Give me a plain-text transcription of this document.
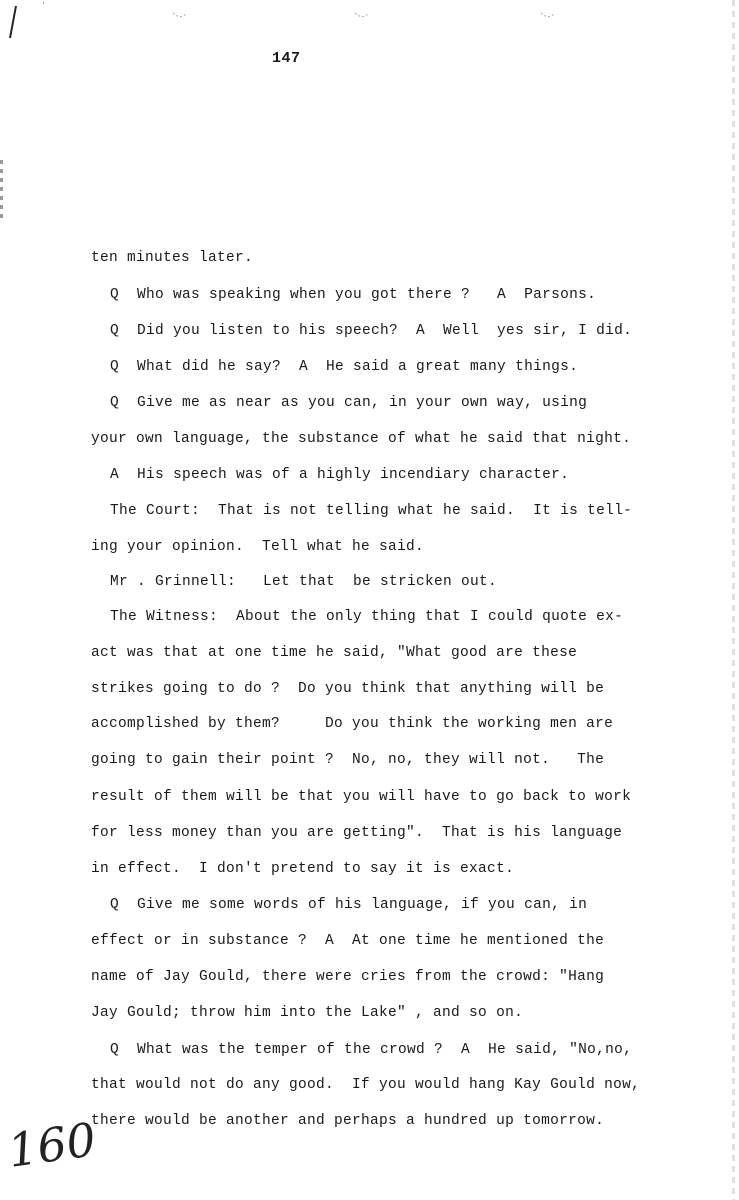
147
ten minutes later.
Q  Who was speaking when you got there ?   A  Parsons.
Q  Did you listen to his speech?  A  Well  yes sir, I did.
Q  What did he say?  A  He said a great many things.
Q  Give me as near as you can, in your own way, using
your own language, the substance of what he said that night.
A  His speech was of a highly incendiary character.
The Court:  That is not telling what he said.  It is tell-
ing your opinion.  Tell what he said.
Mr . Grinnell:   Let that  be stricken out.
The Witness:  About the only thing that I could quote ex-
act was that at one time he said, "What good are these
strikes going to do ?  Do you think that anything will be
accomplished by them?     Do you think the working men are
going to gain their point ?  No, no, they will not.   The
result of them will be that you will have to go back to work
for less money than you are getting".  That is his language
in effect.  I don't pretend to say it is exact.
Q  Give me some words of his language, if you can, in
effect or in substance ?  A  At one time he mentioned the
name of Jay Gould, there were cries from the crowd: "Hang
Jay Gould; throw him into the Lake" , and so on.
Q  What was the temper of the crowd ?  A  He said, "No,no,
that would not do any good.  If you would hang Kay Gould now,
there would be another and perhaps a hundred up tomorrow.
160
